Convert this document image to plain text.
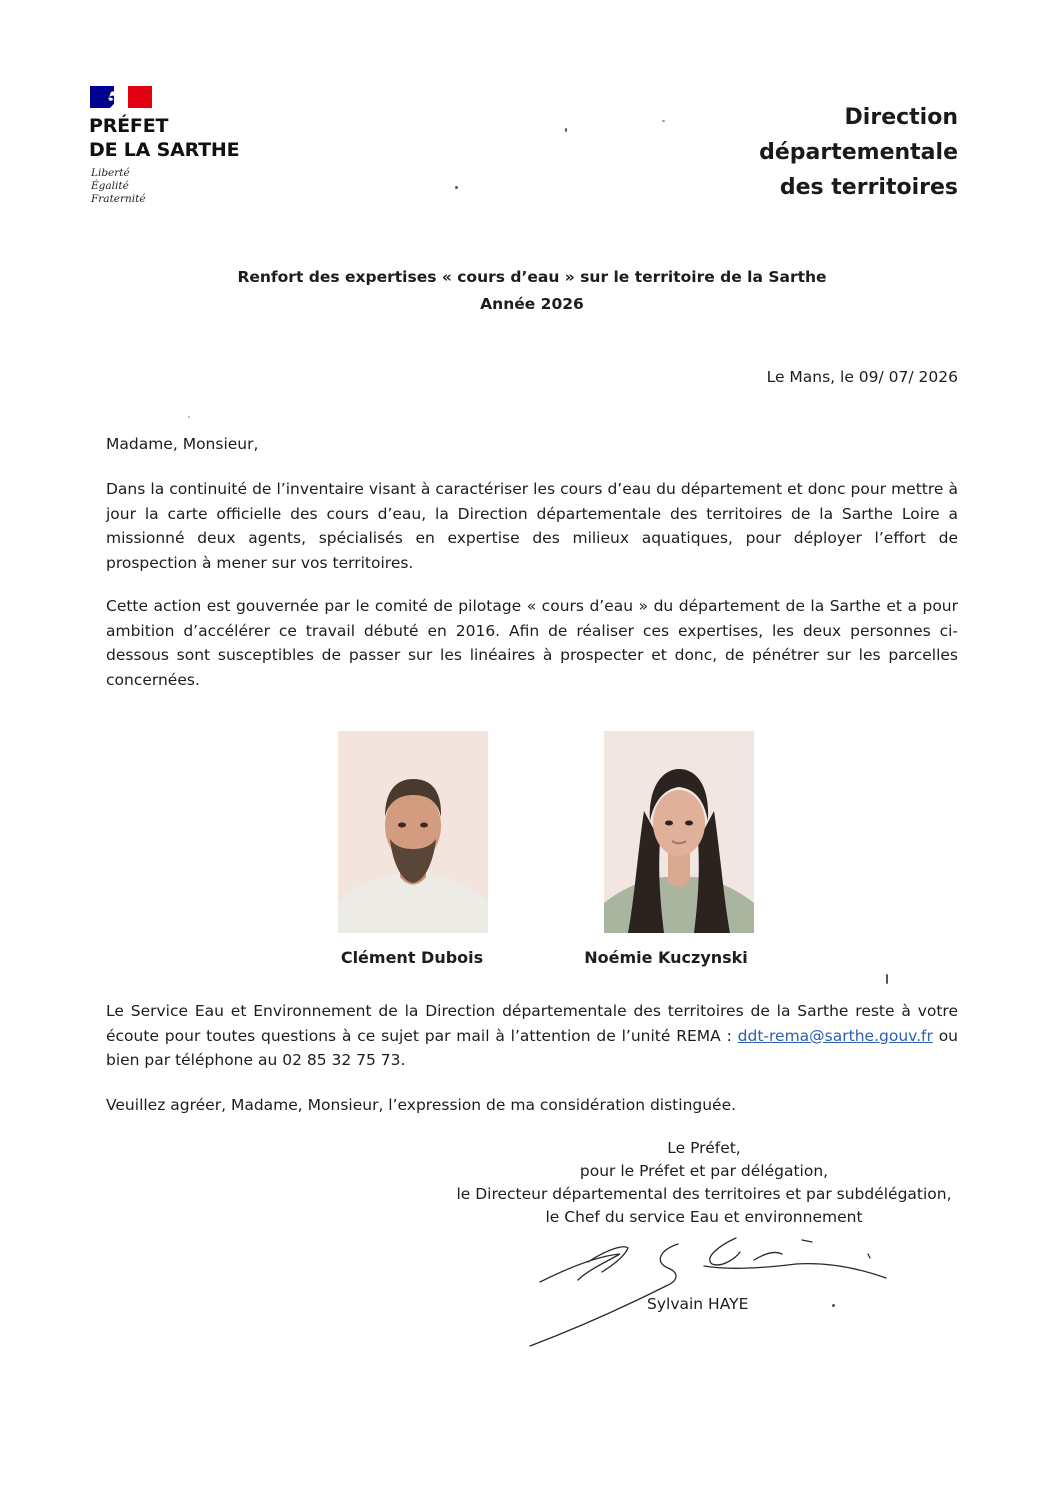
PRÉFET
DE LA SARTHE
Liberté
Égalité
Fraternité
Direction
départementale
des territoires
Renfort des expertises « cours d’eau » sur le territoire de la Sarthe
Année 2026
Le Mans, le 09/ 07/ 2026
Madame, Monsieur,
Dans la continuité de l’inventaire visant à caractériser les cours d’eau du département et donc pour mettre à jour la carte officielle des cours d’eau, la Direction départementale des territoires de la Sarthe Loire a missionné deux agents, spécialisés en expertise des milieux aquatiques, pour déployer l’effort de prospection à mener sur vos territoires.
Cette action est gouvernée par le comité de pilotage « cours d’eau » du département de la Sarthe et a pour ambition d’accélérer ce travail débuté en 2016. Afin de réaliser ces expertises, les deux personnes ci-dessous sont susceptibles de passer sur les linéaires à prospecter et donc, de pénétrer sur les parcelles concernées.
Clément Dubois	Noémie Kuczynski
Le Service Eau et Environnement de la Direction départementale des territoires de la Sarthe reste à votre écoute pour toutes questions à ce sujet par mail à l’attention de l’unité REMA : ddt-rema@sarthe.gouv.fr ou bien par téléphone au 02 85 32 75 73.
Veuillez agréer, Madame, Monsieur, l’expression de ma considération distinguée.
Le Préfet,
pour le Préfet et par délégation,
le Directeur départemental des territoires et par subdélégation,
le Chef du service Eau et environnement
Sylvain HAYE
